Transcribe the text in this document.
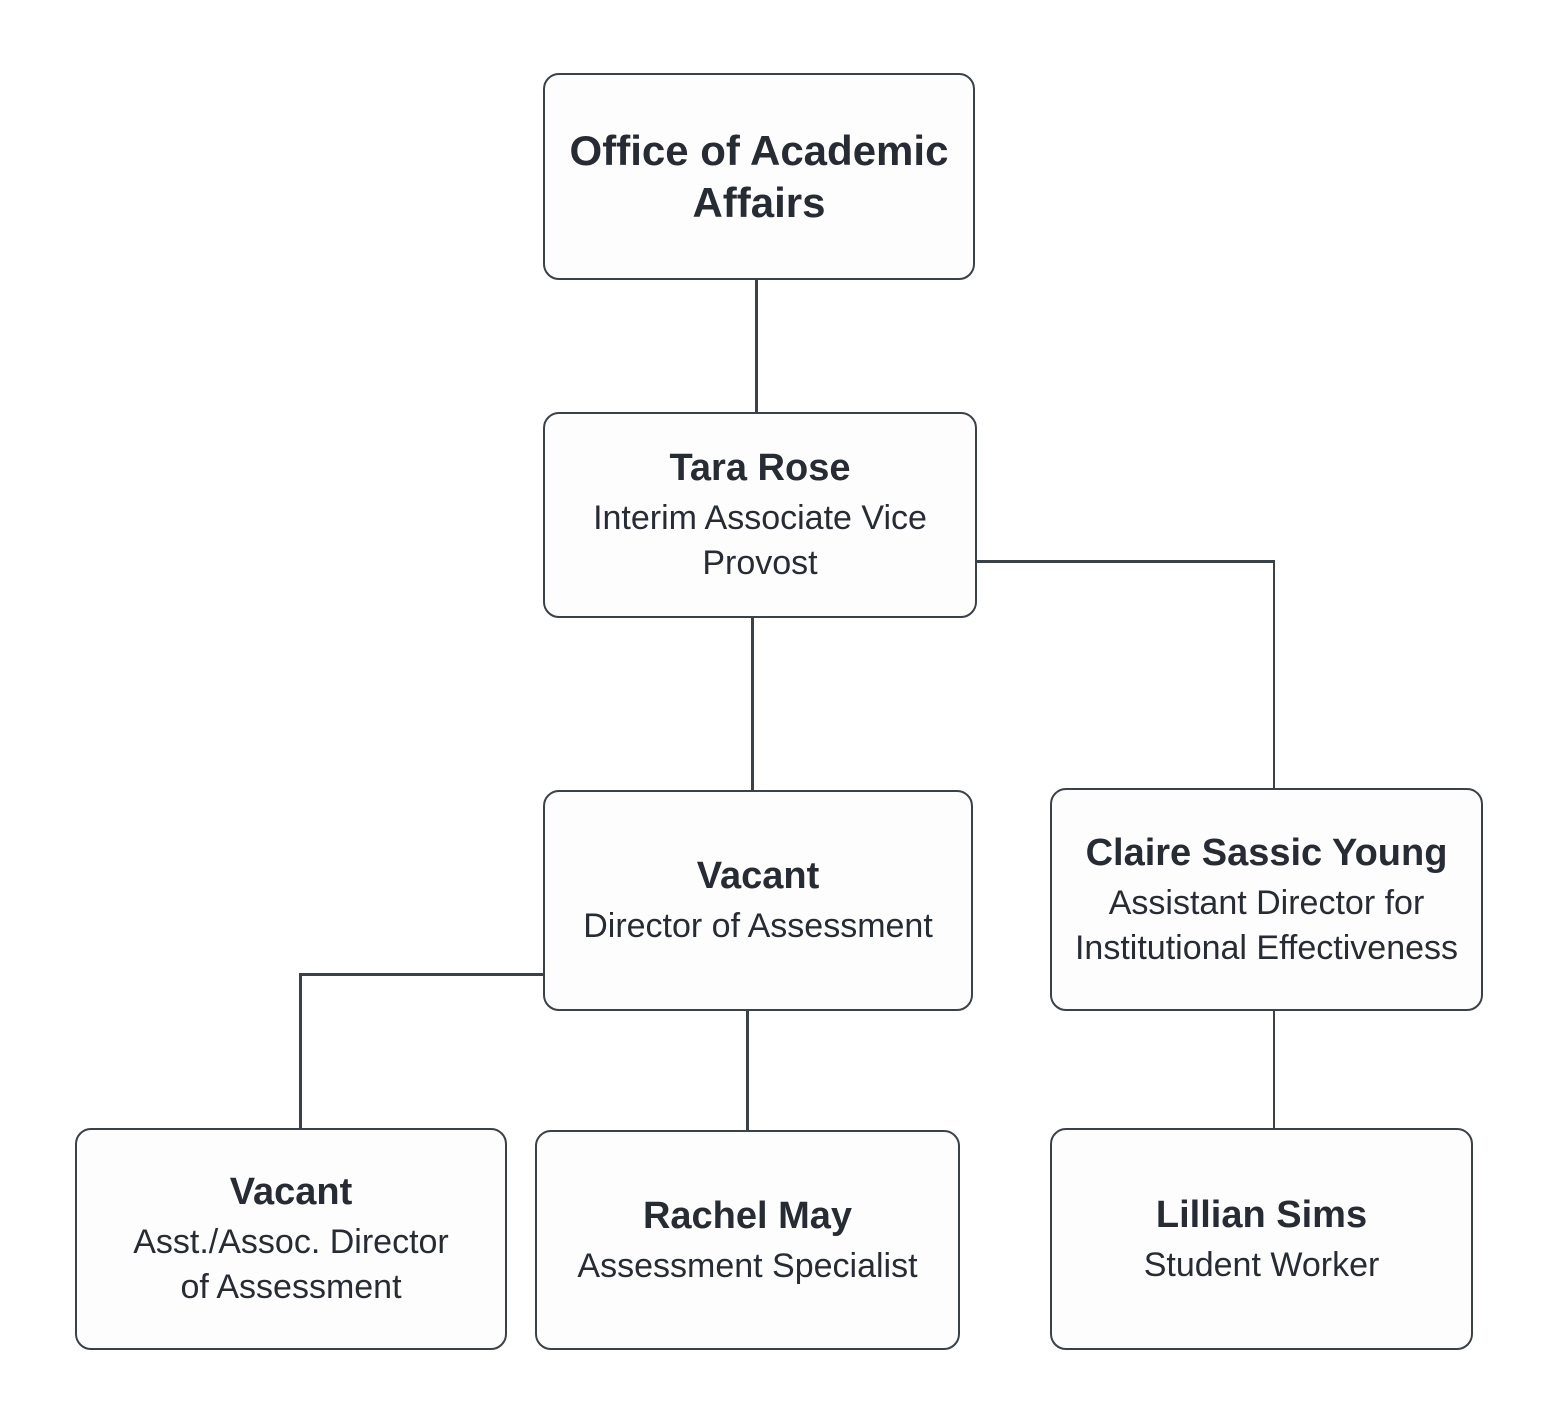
Office of Academic Affairs
Tara Rose
Interim Associate Vice Provost
Vacant
Director of Assessment
Claire Sassic Young
Assistant Director for Institutional Effectiveness
Vacant
Asst./Assoc. Director of Assessment
Rachel May
Assessment Specialist
Lillian Sims
Student Worker
